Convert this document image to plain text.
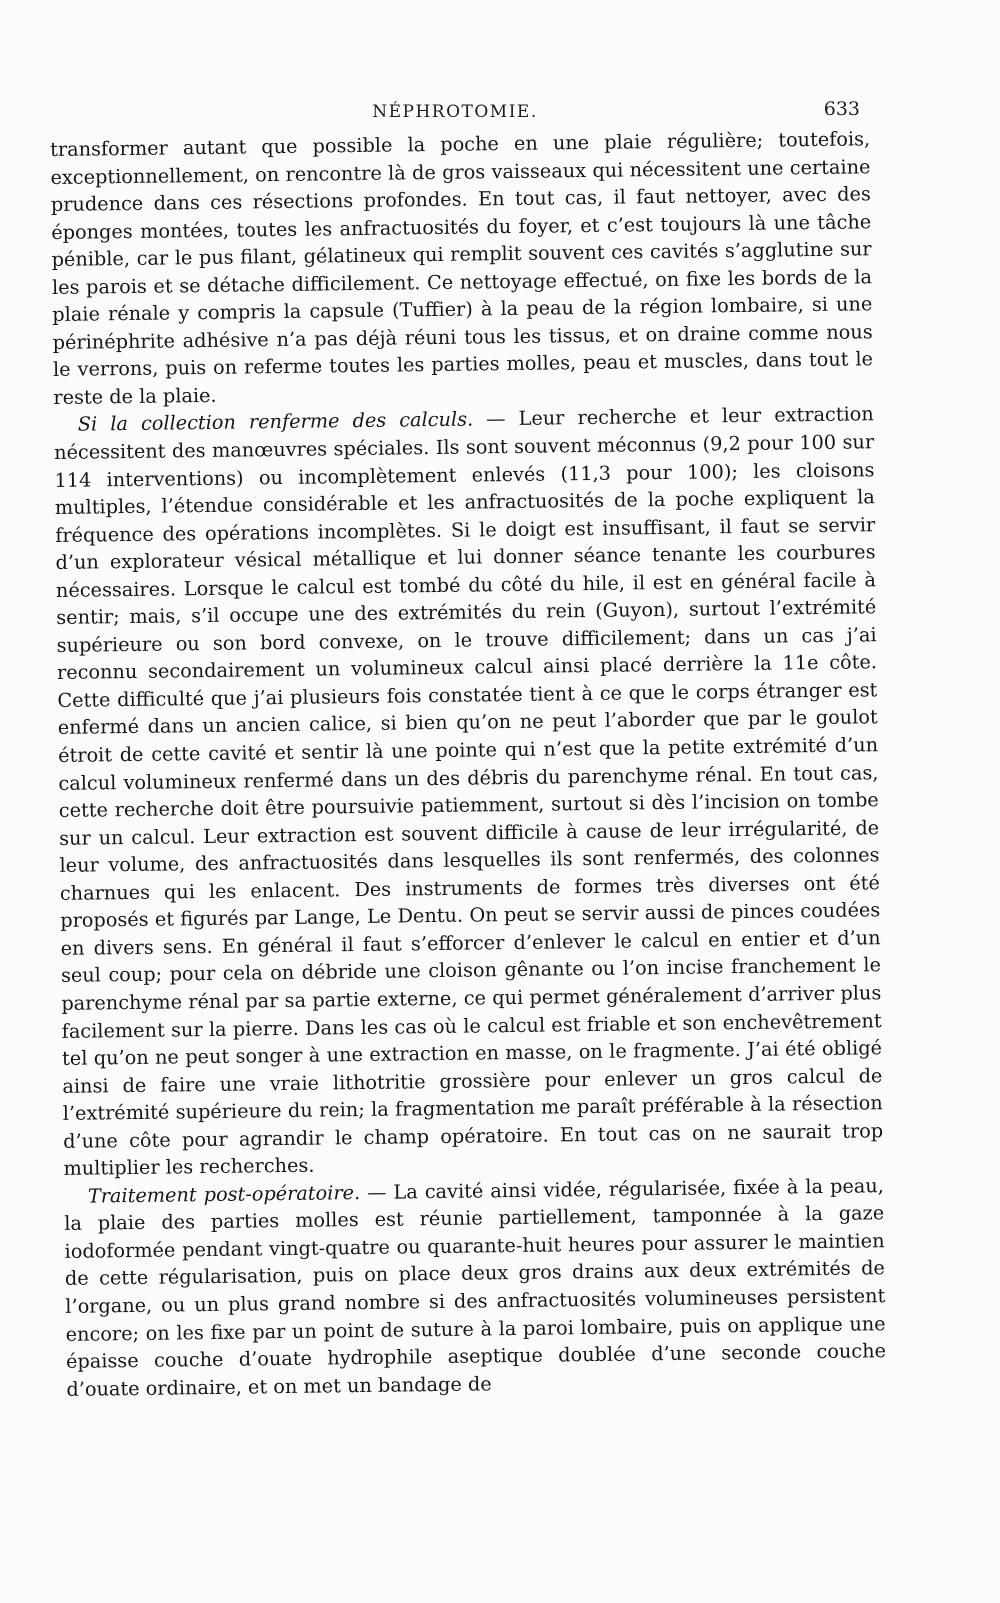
NÉPHROTOMIE.	633

transformer autant que possible la poche en une plaie régulière; toutefois, exceptionnellement, on rencontre là de gros vaisseaux qui nécessitent une certaine prudence dans ces résections profondes. En tout cas, il faut nettoyer, avec des éponges montées, toutes les anfractuosités du foyer, et c’est toujours là une tâche pénible, car le pus filant, gélatineux qui remplit souvent ces cavités s’agglutine sur les parois et se détache difficilement. Ce nettoyage effectué, on fixe les bords de la plaie rénale y compris la capsule (Tuffier) à la peau de la région lombaire, si une périnéphrite adhésive n’a pas déjà réuni tous les tissus, et on draine comme nous le verrons, puis on referme toutes les parties molles, peau et muscles, dans tout le reste de la plaie.

Si la collection renferme des calculs. — Leur recherche et leur extraction nécessitent des manœuvres spéciales. Ils sont souvent méconnus (9,2 pour 100 sur 114 interventions) ou incomplètement enlevés (11,3 pour 100); les cloisons multiples, l’étendue considérable et les anfractuosités de la poche expliquent la fréquence des opérations incomplètes. Si le doigt est insuffisant, il faut se servir d’un explorateur vésical métallique et lui donner séance tenante les courbures nécessaires. Lorsque le calcul est tombé du côté du hile, il est en général facile à sentir; mais, s’il occupe une des extrémités du rein (Guyon), surtout l’extrémité supérieure ou son bord convexe, on le trouve difficilement; dans un cas j’ai reconnu secondairement un volumineux calcul ainsi placé derrière la 11e côte. Cette difficulté que j’ai plusieurs fois constatée tient à ce que le corps étranger est enfermé dans un ancien calice, si bien qu’on ne peut l’aborder que par le goulot étroit de cette cavité et sentir là une pointe qui n’est que la petite extrémité d’un calcul volumineux renfermé dans un des débris du parenchyme rénal. En tout cas, cette recherche doit être poursuivie patiemment, surtout si dès l’incision on tombe sur un calcul. Leur extraction est souvent difficile à cause de leur irrégularité, de leur volume, des anfractuosités dans lesquelles ils sont renfermés, des colonnes charnues qui les enlacent. Des instruments de formes très diverses ont été proposés et figurés par Lange, Le Dentu. On peut se servir aussi de pinces coudées en divers sens. En général il faut s’efforcer d’enlever le calcul en entier et d’un seul coup; pour cela on débride une cloison gênante ou l’on incise franchement le parenchyme rénal par sa partie externe, ce qui permet généralement d’arriver plus facilement sur la pierre. Dans les cas où le calcul est friable et son enchevêtrement tel qu’on ne peut songer à une extraction en masse, on le fragmente. J’ai été obligé ainsi de faire une vraie lithotritie grossière pour enlever un gros calcul de l’extrémité supérieure du rein; la fragmentation me paraît préférable à la résection d’une côte pour agrandir le champ opératoire. En tout cas on ne saurait trop multiplier les recherches.

Traitement post-opératoire. — La cavité ainsi vidée, régularisée, fixée à la peau, la plaie des parties molles est réunie partiellement, tamponnée à la gaze iodoformée pendant vingt-quatre ou quarante-huit heures pour assurer le maintien de cette régularisation, puis on place deux gros drains aux deux extrémités de l’organe, ou un plus grand nombre si des anfractuosités volumineuses persistent encore; on les fixe par un point de suture à la paroi lombaire, puis on applique une épaisse couche d’ouate hydrophile aseptique doublée d’une seconde couche d’ouate ordinaire, et on met un bandage de
